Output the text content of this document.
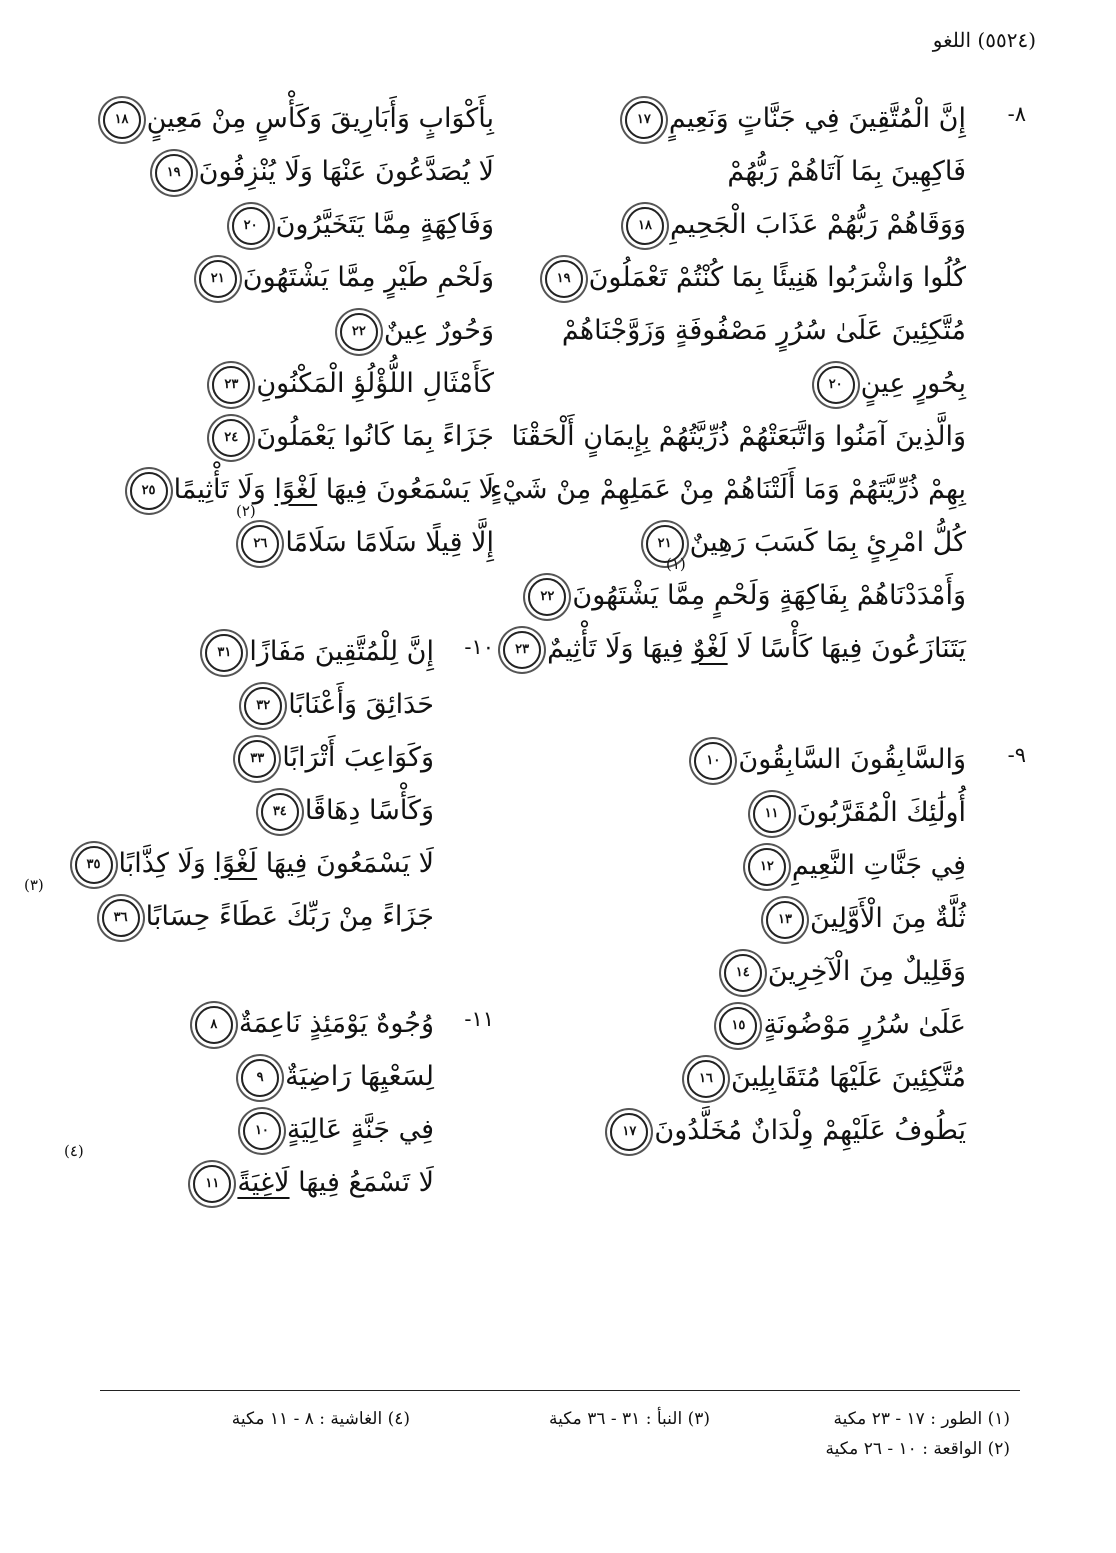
(٥٥٢٤) اللغو
٨-
إِنَّ الْمُتَّقِينَ فِي جَنَّاتٍ وَنَعِيمٍ١٧
فَاكِهِينَ بِمَا آتَاهُمْ رَبُّهُمْ
وَوَقَاهُمْ رَبُّهُمْ عَذَابَ الْجَحِيمِ١٨
كُلُوا وَاشْرَبُوا هَنِيئًا بِمَا كُنْتُمْ تَعْمَلُونَ١٩
مُتَّكِئِينَ عَلَىٰ سُرُرٍ مَصْفُوفَةٍ وَزَوَّجْنَاهُمْ
بِحُورٍ عِينٍ٢٠
وَالَّذِينَ آمَنُوا وَاتَّبَعَتْهُمْ ذُرِّيَّتُهُمْ بِإِيمَانٍ أَلْحَقْنَا
بِهِمْ ذُرِّيَّتَهُمْ وَمَا أَلَتْنَاهُمْ مِنْ عَمَلِهِمْ مِنْ شَيْءٍ
كُلُّ امْرِئٍ بِمَا كَسَبَ رَهِينٌ٢١
وَأَمْدَدْنَاهُمْ بِفَاكِهَةٍ وَلَحْمٍ مِمَّا يَشْتَهُونَ٢٢
(١)
يَتَنَازَعُونَ فِيهَا كَأْسًا لَا لَغْوٌ فِيهَا وَلَا تَأْثِيمٌ٢٣
٩-
وَالسَّابِقُونَ السَّابِقُونَ١٠
أُولَٰئِكَ الْمُقَرَّبُونَ١١
فِي جَنَّاتِ النَّعِيمِ١٢
ثُلَّةٌ مِنَ الْأَوَّلِينَ١٣
وَقَلِيلٌ مِنَ الْآخِرِينَ١٤
عَلَىٰ سُرُرٍ مَوْضُونَةٍ١٥
مُتَّكِئِينَ عَلَيْهَا مُتَقَابِلِينَ١٦
يَطُوفُ عَلَيْهِمْ وِلْدَانٌ مُخَلَّدُونَ١٧
بِأَكْوَابٍ وَأَبَارِيقَ وَكَأْسٍ مِنْ مَعِينٍ١٨
لَا يُصَدَّعُونَ عَنْهَا وَلَا يُنْزِفُونَ١٩
وَفَاكِهَةٍ مِمَّا يَتَخَيَّرُونَ٢٠
وَلَحْمِ طَيْرٍ مِمَّا يَشْتَهُونَ٢١
وَحُورٌ عِينٌ٢٢
كَأَمْثَالِ اللُّؤْلُؤِ الْمَكْنُونِ٢٣
جَزَاءً بِمَا كَانُوا يَعْمَلُونَ٢٤
لَا يَسْمَعُونَ فِيهَا لَغْوًا وَلَا تَأْثِيمًا٢٥
(٢)
إِلَّا قِيلًا سَلَامًا سَلَامًا٢٦
١٠-
إِنَّ لِلْمُتَّقِينَ مَفَازًا٣١
حَدَائِقَ وَأَعْنَابًا٣٢
وَكَوَاعِبَ أَتْرَابًا٣٣
وَكَأْسًا دِهَاقًا٣٤
لَا يَسْمَعُونَ فِيهَا لَغْوًا وَلَا كِذَّابًا٣٥
(٣)
جَزَاءً مِنْ رَبِّكَ عَطَاءً حِسَابًا٣٦
١١-
وُجُوهٌ يَوْمَئِذٍ نَاعِمَةٌ٨
لِسَعْيِهَا رَاضِيَةٌ٩
فِي جَنَّةٍ عَالِيَةٍ١٠
(٤)
لَا تَسْمَعُ فِيهَا لَاغِيَةً١١
(١) الطور : ١٧ - ٢٣ مكية
(٣) النبأ : ٣١ - ٣٦ مكية
(٤) الغاشية : ٨ - ١١ مكية
(٢) الواقعة : ١٠ - ٢٦ مكية
